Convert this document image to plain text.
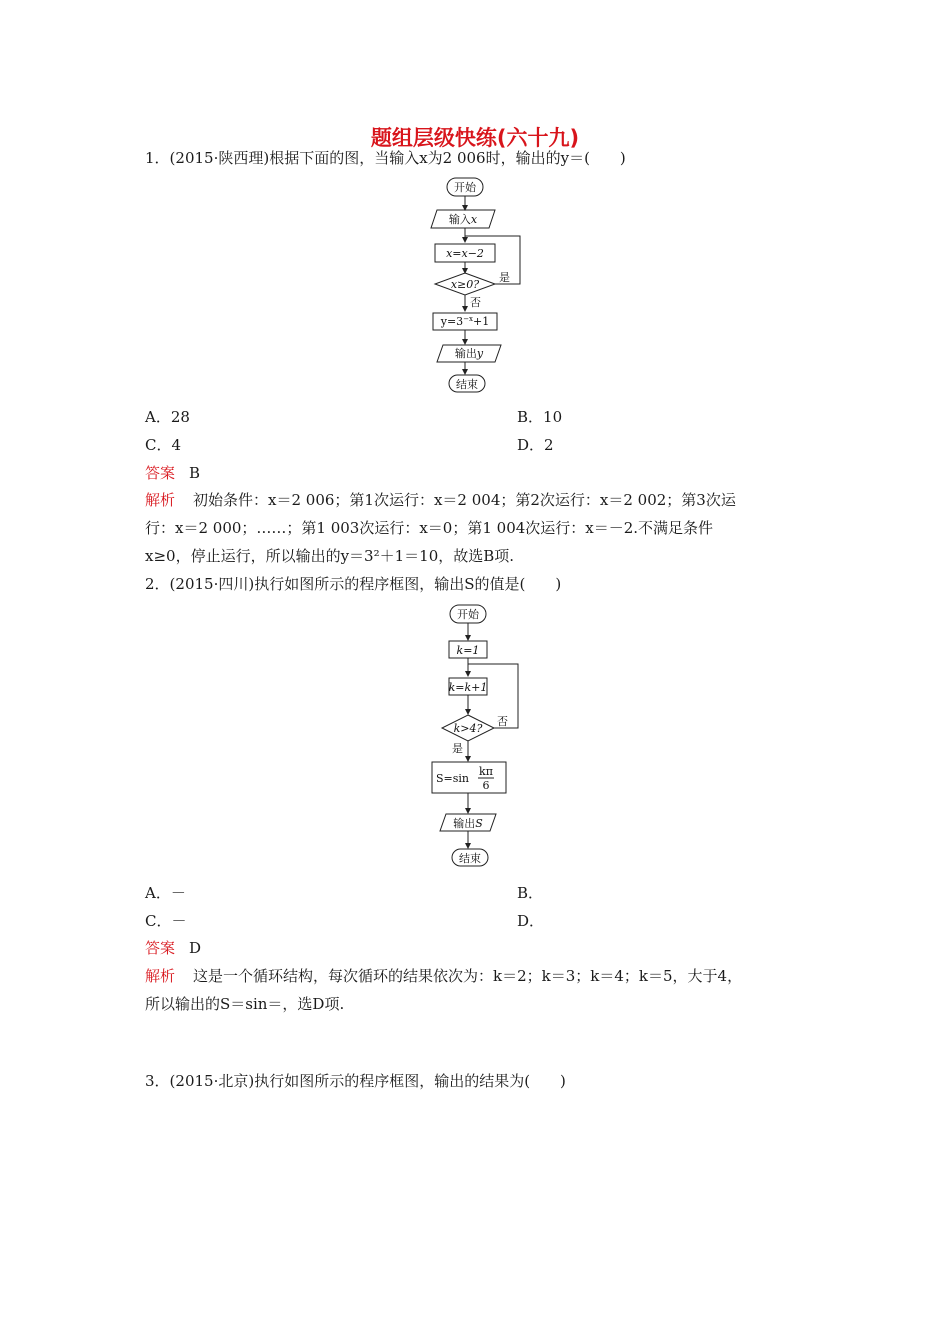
题组层级快练(六十九)
1．(2015·陕西理)根据下面的图，当输入x为2 006时，输出的y＝(　　)
开始
输入x
x=x−2
x≥0?
是
否
$y=3^{-x}+1$
输出y
结束
A．28	B．10
C．4	D．2
答案 B
解析 初始条件：x＝2 006；第1次运行：x＝2 004；第2次运行：x＝2 002；第3次运
行：x＝2 000；……；第1 003次运行：x＝0；第1 004次运行：x＝－2.不满足条件
x≥0，停止运行，所以输出的y＝3²＋1＝10，故选B项.
2．(2015·四川)执行如图所示的程序框图，输出S的值是(　　)
开始
k=1
k=k+1
k>4?
否
是
S=sin
kπ
6
输出S
结束
A．－	B．
C．－	D．
答案 D
解析 这是一个循环结构，每次循环的结果依次为：k＝2；k＝3；k＝4；k＝5，大于4，
所以输出的S＝sin＝，选D项.
3．(2015·北京)执行如图所示的程序框图，输出的结果为(　　)
